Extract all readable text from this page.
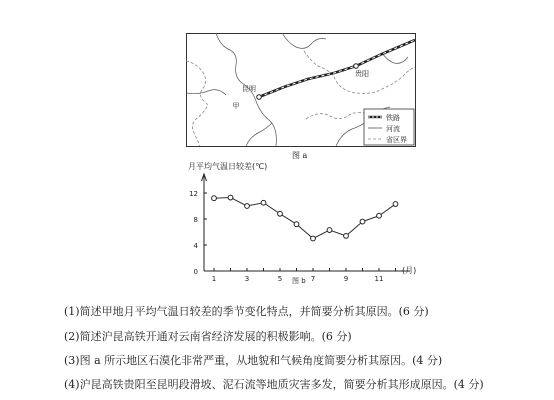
昆明
贵阳
甲
铁路
河流
省区界
图 a
月平均气温日较差(℃)
0
4
8
12
1	3	5	7	9	11
(月)
图 b
(1)简述甲地月平均气温日较差的季节变化特点，并简要分析其原因。(6 分)
(2)简述沪昆高铁开通对云南省经济发展的积极影响。(6 分)
(3)图 a 所示地区石漠化非常严重，从地貌和气候角度简要分析其原因。(4 分)
(4)沪昆高铁贵阳至昆明段滑坡、泥石流等地质灾害多发，简要分析其形成原因。(4 分)
